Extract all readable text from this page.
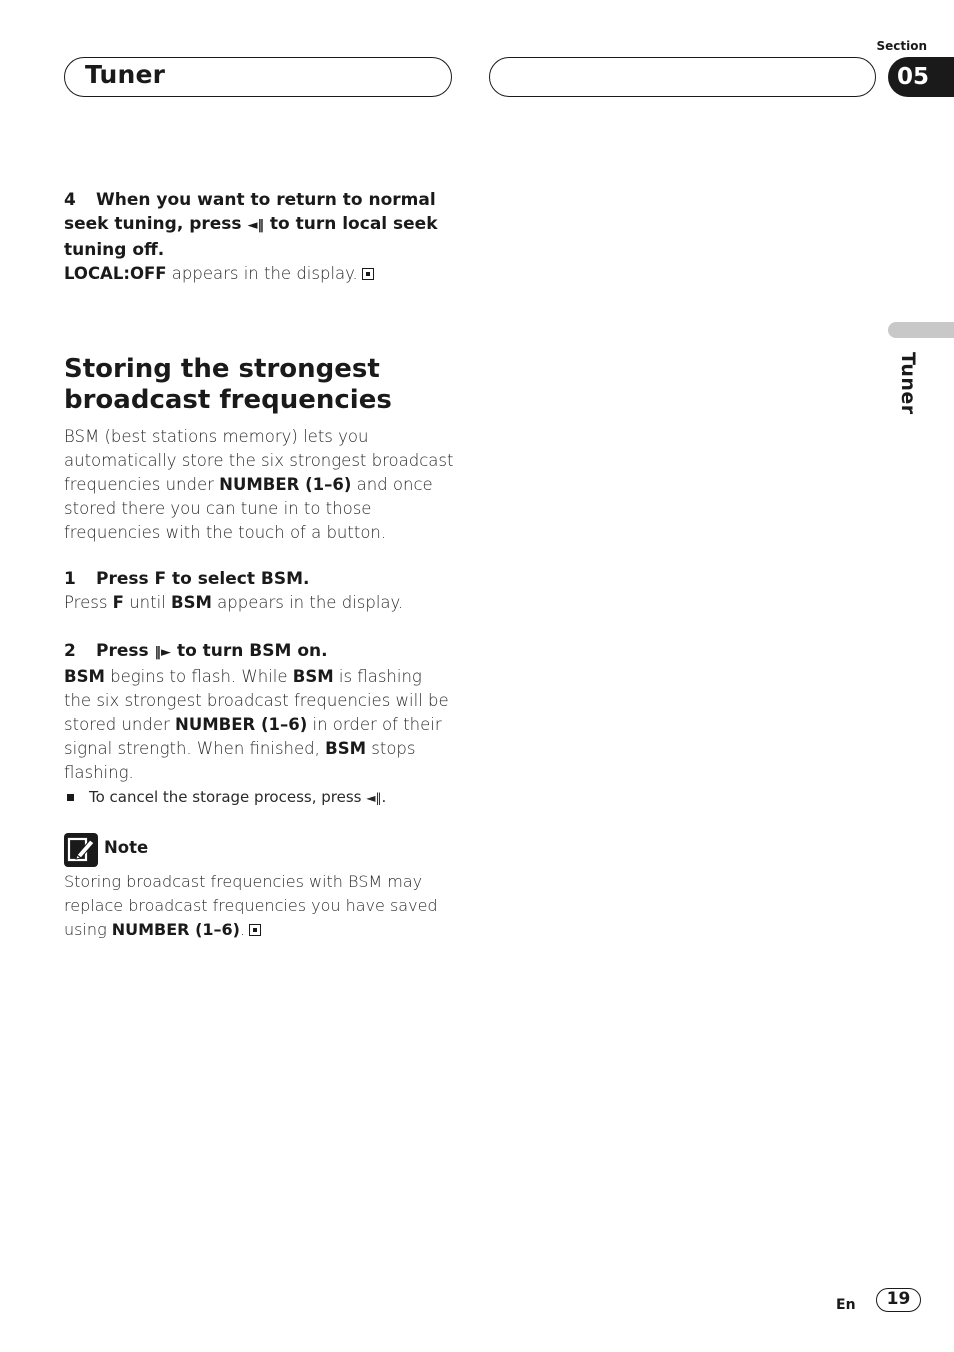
Tuner
Section
05
Tuner
4 When you want to return to normal seek tuning, press ◄‖ to turn local seek tuning off.
LOCAL:OFF appears in the display.
Storing the strongest
broadcast frequencies
BSM (best stations memory) lets you automatically store the six strongest broadcast frequencies under NUMBER (1–6) and once stored there you can tune in to those frequencies with the touch of a button.
1 Press F to select BSM.
Press F until BSM appears in the display.
2 Press ‖► to turn BSM on.
BSM begins to flash. While BSM is flashing the six strongest broadcast frequencies will be stored under NUMBER (1–6) in order of their signal strength. When finished, BSM stops flashing.
To cancel the storage process, press ◄‖.
Note
Storing broadcast frequencies with BSM may replace broadcast frequencies you have saved using NUMBER (1–6).
En	19
